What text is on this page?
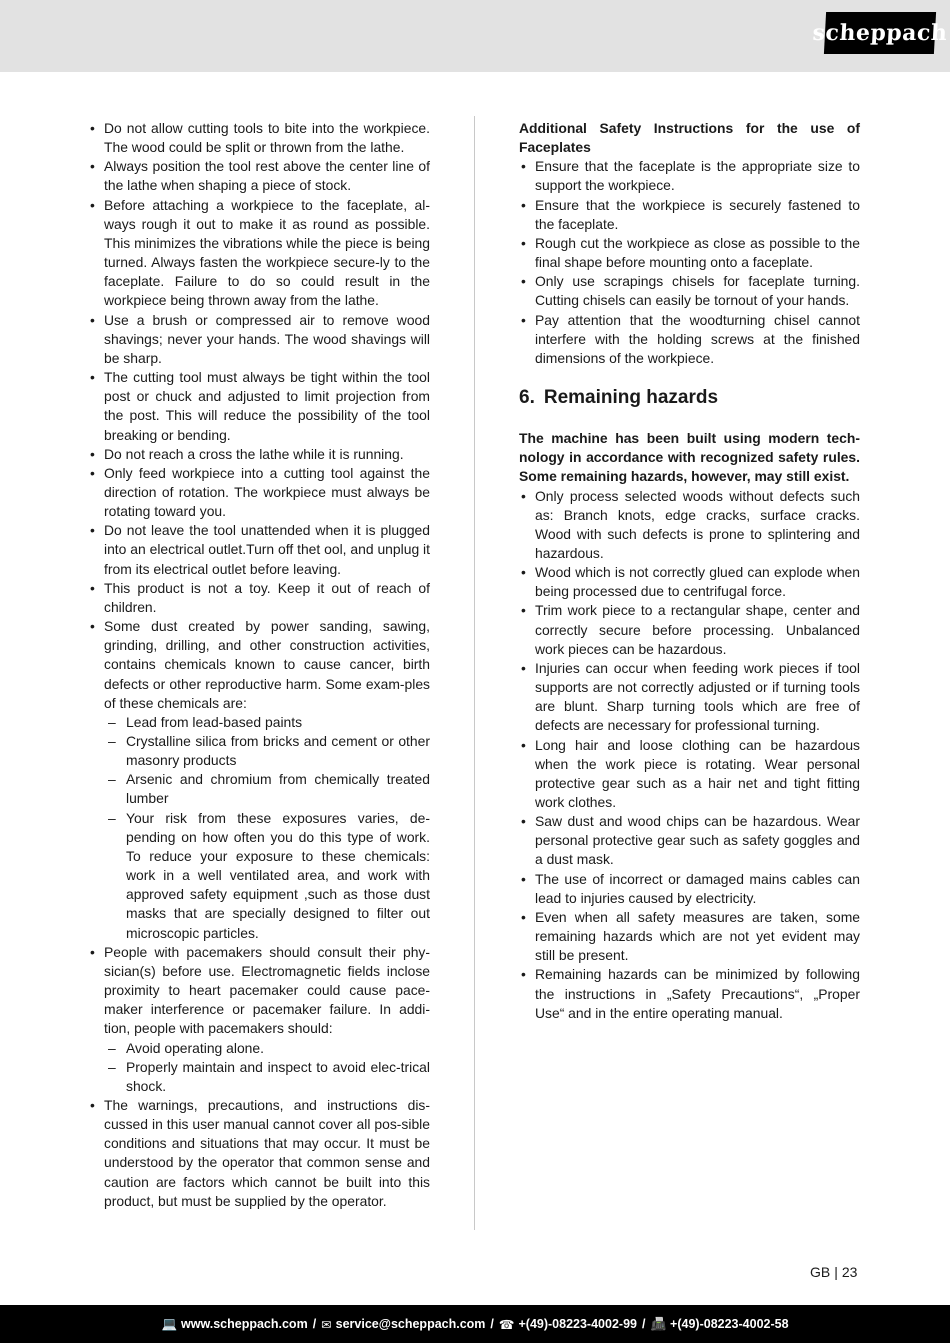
scheppach
• Do not allow cutting tools to bite into the workpiece. The wood could be split or thrown from the lathe.
• Always position the tool rest above the center line of the lathe when shaping a piece of stock.
• Before attaching a workpiece to the faceplate, al-ways rough it out to make it as round as possible. This minimizes the vibrations while the piece is being turned. Always fasten the workpiece secure-ly to the faceplate. Failure to do so could result in the workpiece being thrown away from the lathe.
• Use a brush or compressed air to remove wood shavings; never your hands. The wood shavings will be sharp.
• The cutting tool must always be tight within the tool post or chuck and adjusted to limit projection from the post. This will reduce the possibility of the tool breaking or bending.
• Do not reach a cross the lathe while it is running.
• Only feed workpiece into a cutting tool against the direction of rotation. The workpiece must always be rotating toward you.
• Do not leave the tool unattended when it is plugged into an electrical outlet.Turn off thet ool, and unplug it from its electrical outlet before leaving.
• This product is not a toy. Keep it out of reach of children.
• Some dust created by power sanding, sawing, grinding, drilling, and other construction activities, contains chemicals known to cause cancer, birth defects or other reproductive harm. Some exam-ples of these chemicals are:
– Lead from lead-based paints
– Crystalline silica from bricks and cement or other masonry products
– Arsenic and chromium from chemically treated lumber
– Your risk from these exposures varies, de-pending on how often you do this type of work. To reduce your exposure to these chemicals: work in a well ventilated area, and work with approved safety equipment ,such as those dust masks that are specially designed to filter out microscopic particles.
• People with pacemakers should consult their phy-sician(s) before use. Electromagnetic fields inclose proximity to heart pacemaker could cause pace-maker interference or pacemaker failure. In addi-tion, people with pacemakers should:
– Avoid operating alone.
– Properly maintain and inspect to avoid elec-trical shock.
• The warnings, precautions, and instructions dis-cussed in this user manual cannot cover all pos-sible conditions and situations that may occur. It must be understood by the operator that common sense and caution are factors which cannot be built into this product, but must be supplied by the operator.

Additional Safety Instructions for the use of Faceplates

• Ensure that the faceplate is the appropriate size to support the workpiece.
• Ensure that the workpiece is securely fastened to the faceplate.
• Rough cut the workpiece as close as possible to the final shape before mounting onto a faceplate.
• Only use scrapings chisels for faceplate turning. Cutting chisels can easily be tornout of your hands.
• Pay attention that the woodturning chisel cannot interfere with the holding screws at the finished dimensions of the workpiece.
6. Remaining hazards

The machine has been built using modern tech-nology in accordance with recognized safety rules. Some remaining hazards, however, may still exist.

• Only process selected woods without defects such as: Branch knots, edge cracks, surface cracks. Wood with such defects is prone to splintering and hazardous.
• Wood which is not correctly glued can explode when being processed due to centrifugal force.
• Trim work piece to a rectangular shape, center and correctly secure before processing. Unbalanced work pieces can be hazardous.
• Injuries can occur when feeding work pieces if tool supports are not correctly adjusted or if turning tools are blunt. Sharp turning tools which are free of defects are necessary for professional turning.
• Long hair and loose clothing can be hazardous when the work piece is rotating. Wear personal protective gear such as a hair net and tight fitting work clothes.
• Saw dust and wood chips can be hazardous. Wear personal protective gear such as safety goggles and a dust mask.
• The use of incorrect or damaged mains cables can lead to injuries caused by electricity.
• Even when all safety measures are taken, some remaining hazards which are not yet evident may still be present.
• Remaining hazards can be minimized by following the instructions in „Safety Precautions“, „Proper Use“ and in the entire operating manual.
GB | 23
💻 www.scheppach.com / ✉ service@scheppach.com / ☎ +(49)-08223-4002-99 / 📠 +(49)-08223-4002-58
